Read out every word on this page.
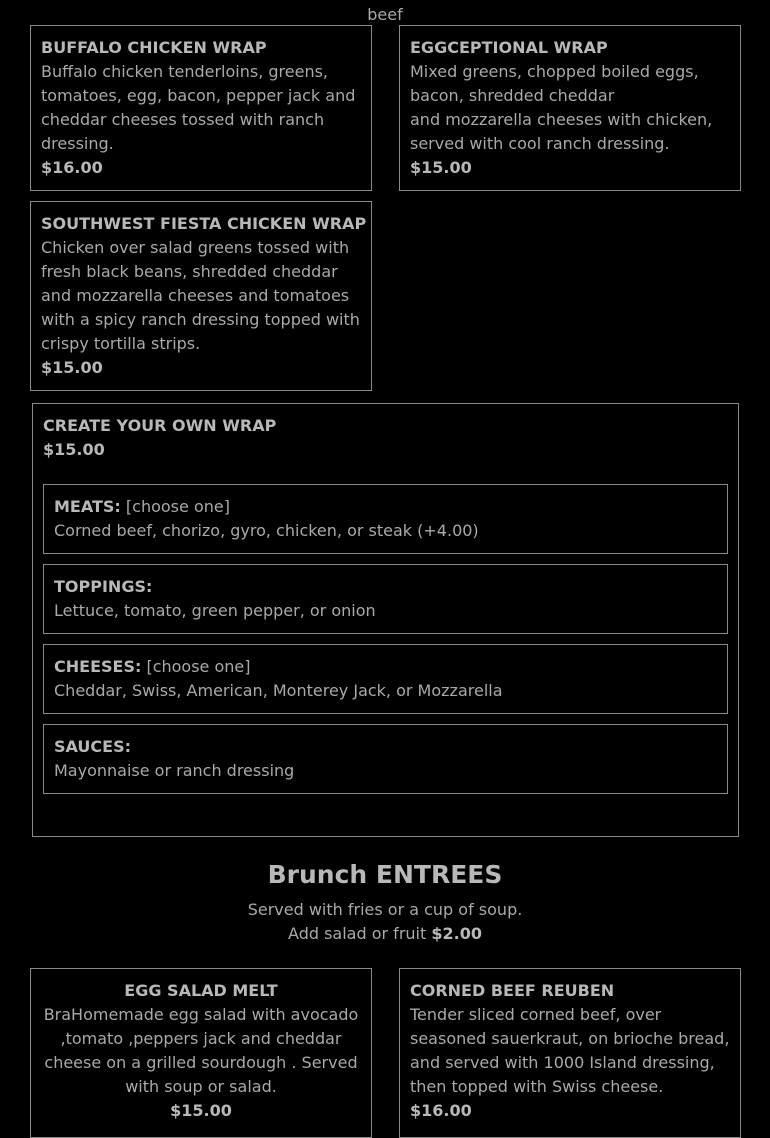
beef
BUFFALO CHICKEN WRAP
Buffalo chicken tenderloins, greens, tomatoes, egg, bacon, pepper jack and cheddar cheeses tossed with ranch dressing.
$16.00
EGGCEPTIONAL WRAP
Mixed greens, chopped boiled eggs, bacon, shredded cheddar
and mozzarella cheeses with chicken, served with cool ranch dressing.
$15.00
SOUTHWEST FIESTA CHICKEN WRAP
Chicken over salad greens tossed with fresh black beans, shredded cheddar and mozzarella cheeses and tomatoes with a spicy ranch dressing topped with crispy tortilla strips.
$15.00
CREATE YOUR OWN WRAP
$15.00
MEATS: [choose one]
Corned beef, chorizo, gyro, chicken, or steak (+4.00)
TOPPINGS:
Lettuce, tomato, green pepper, or onion
CHEESES: [choose one]
Cheddar, Swiss, American, Monterey Jack, or Mozzarella
SAUCES:
Mayonnaise or ranch dressing
Brunch ENTREES
Served with fries or a cup of soup.
Add salad or fruit $2.00
EGG SALAD MELT
BraHomemade egg salad with avocado ,tomato ,peppers jack and cheddar cheese on a grilled sourdough . Served with soup or salad.
$15.00
CORNED BEEF REUBEN
Tender sliced corned beef, over seasoned sauerkraut, on brioche bread, and served with 1000 Island dressing, then topped with Swiss cheese.
$16.00
